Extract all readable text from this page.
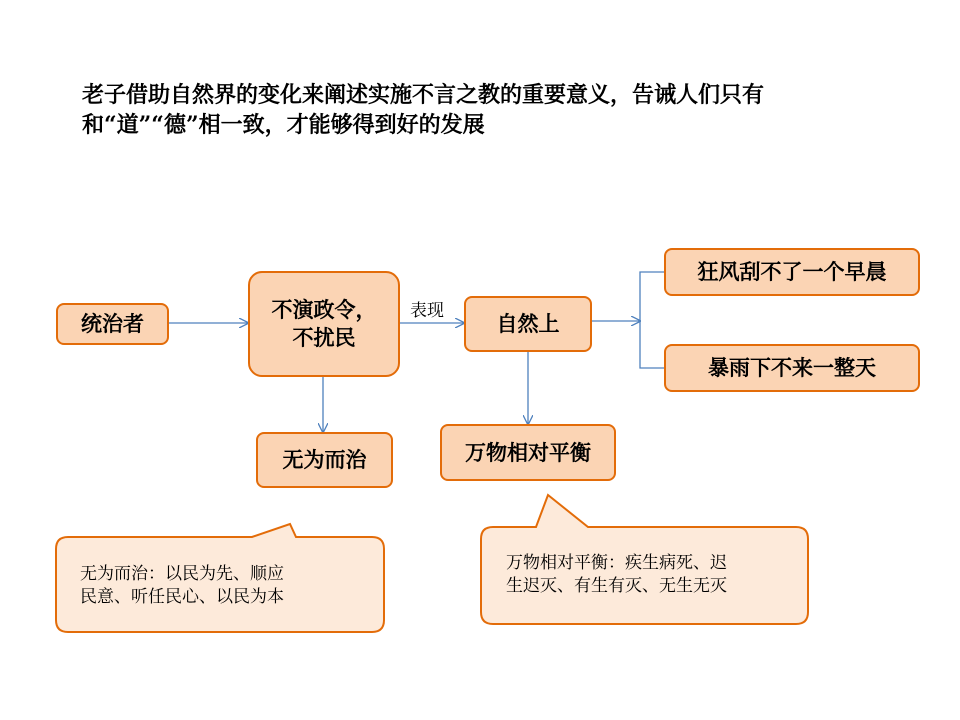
老子借助自然界的变化来阐述实施不言之教的重要意义，告诫人们只有
和“道”“德”相一致，才能够得到好的发展
统治者
不演政令，
不扰民
表现
自然上
狂风刮不了一个早晨
暴雨下不来一整天
无为而治	万物相对平衡
无为而治：以民为先、顺应
民意、听任民心、以民为本
万物相对平衡：疾生病死、迟
生迟灭、有生有灭、无生无灭
